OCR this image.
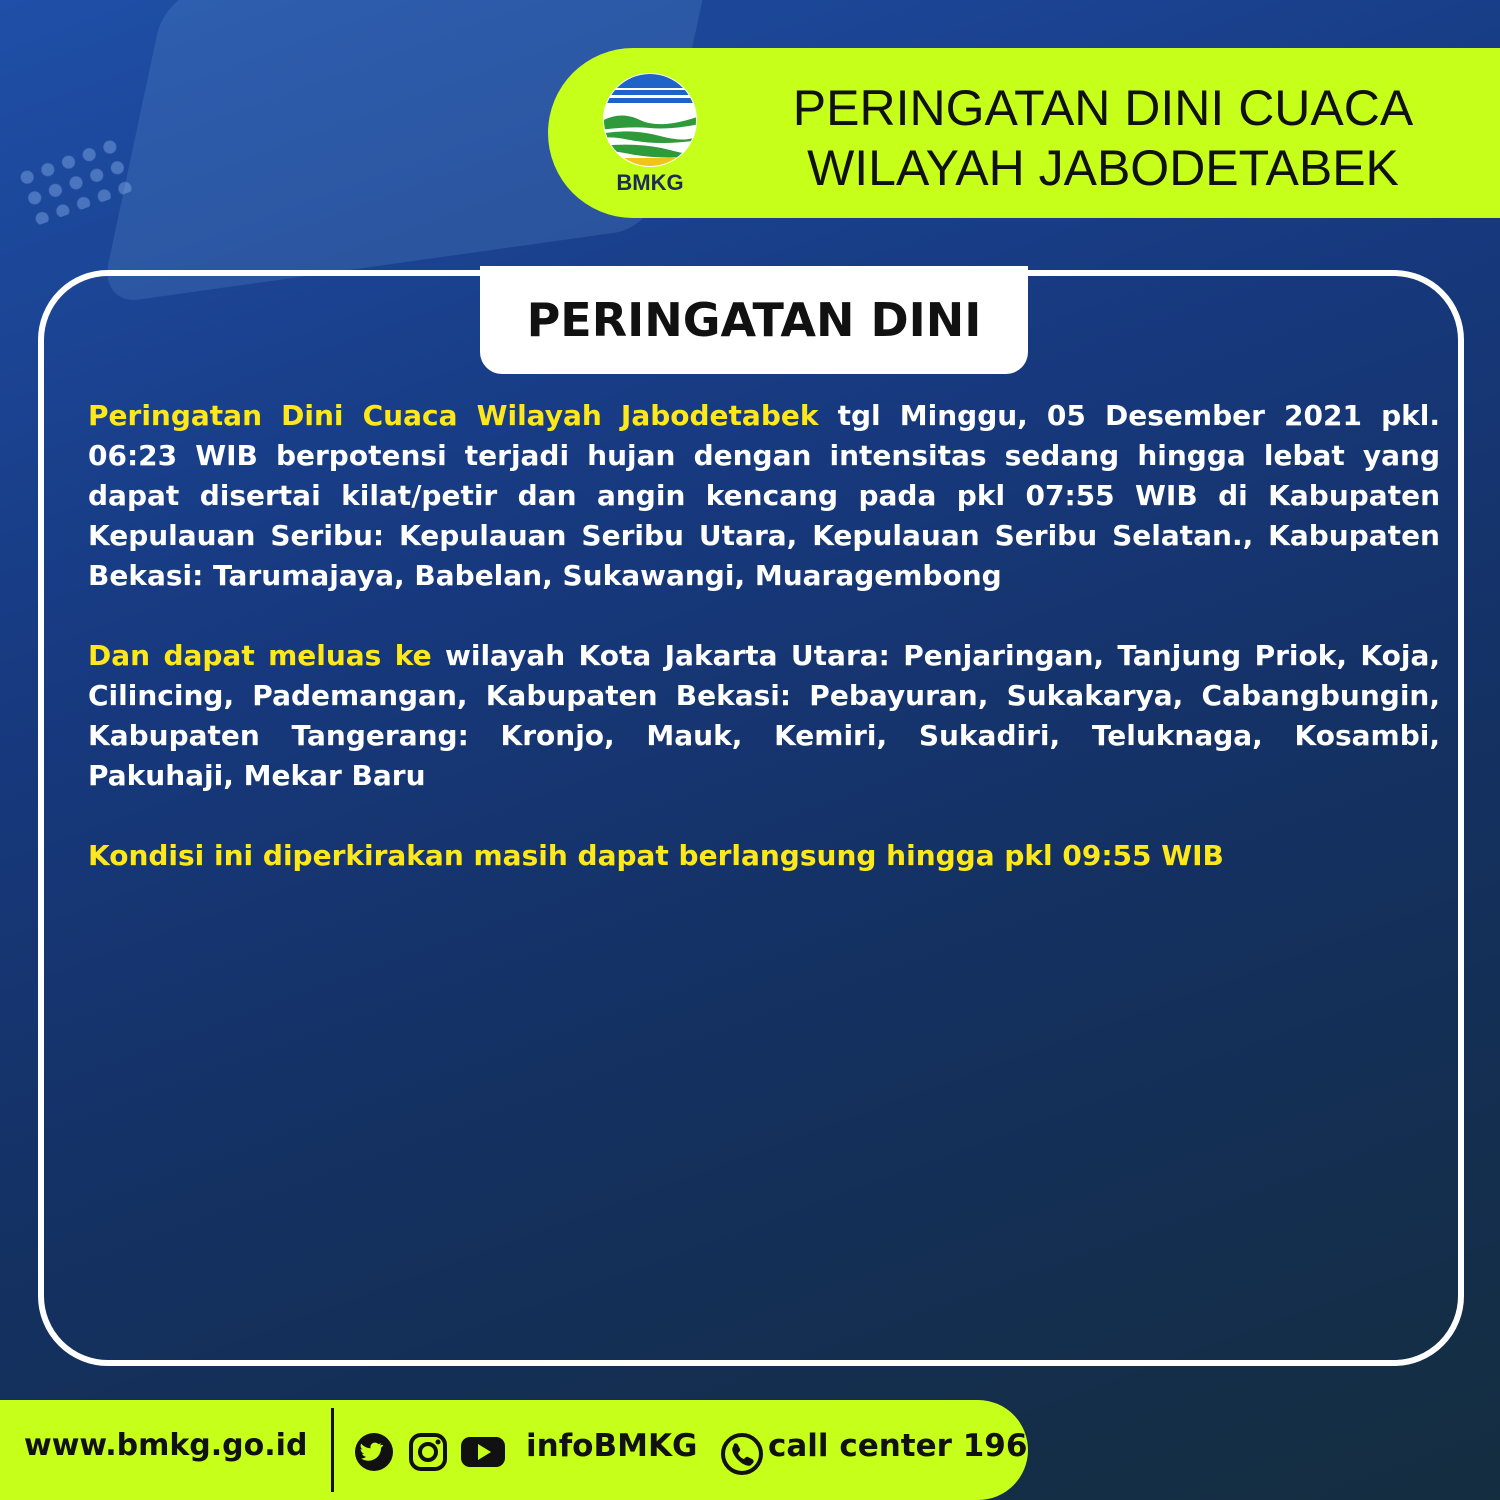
BMKG
PERINGATAN DINI CUACA
WILAYAH JABODETABEK
PERINGATAN DINI

Peringatan Dini Cuaca Wilayah Jabodetabek tgl Minggu, 05 Desember 2021 pkl. 06:23 WIB berpotensi terjadi hujan dengan intensitas sedang hingga lebat yang dapat disertai kilat/petir dan angin kencang pada pkl 07:55 WIB di Kabupaten Kepulauan Seribu: Kepulauan Seribu Utara, Kepulauan Seribu Selatan., Kabupaten Bekasi: Tarumajaya, Babelan, Sukawangi, Muaragembong

Dan dapat meluas ke wilayah Kota Jakarta Utara: Penjaringan, Tanjung Priok, Koja, Cilincing, Pademangan, Kabupaten Bekasi: Pebayuran, Sukakarya, Cabangbungin, Kabupaten Tangerang: Kronjo, Mauk, Kemiri, Sukadiri, Teluknaga, Kosambi, Pakuhaji, Mekar Baru

Kondisi ini diperkirakan masih dapat berlangsung hingga pkl 09:55 WIB

www.bmkg.go.id	infoBMKG call center 196
